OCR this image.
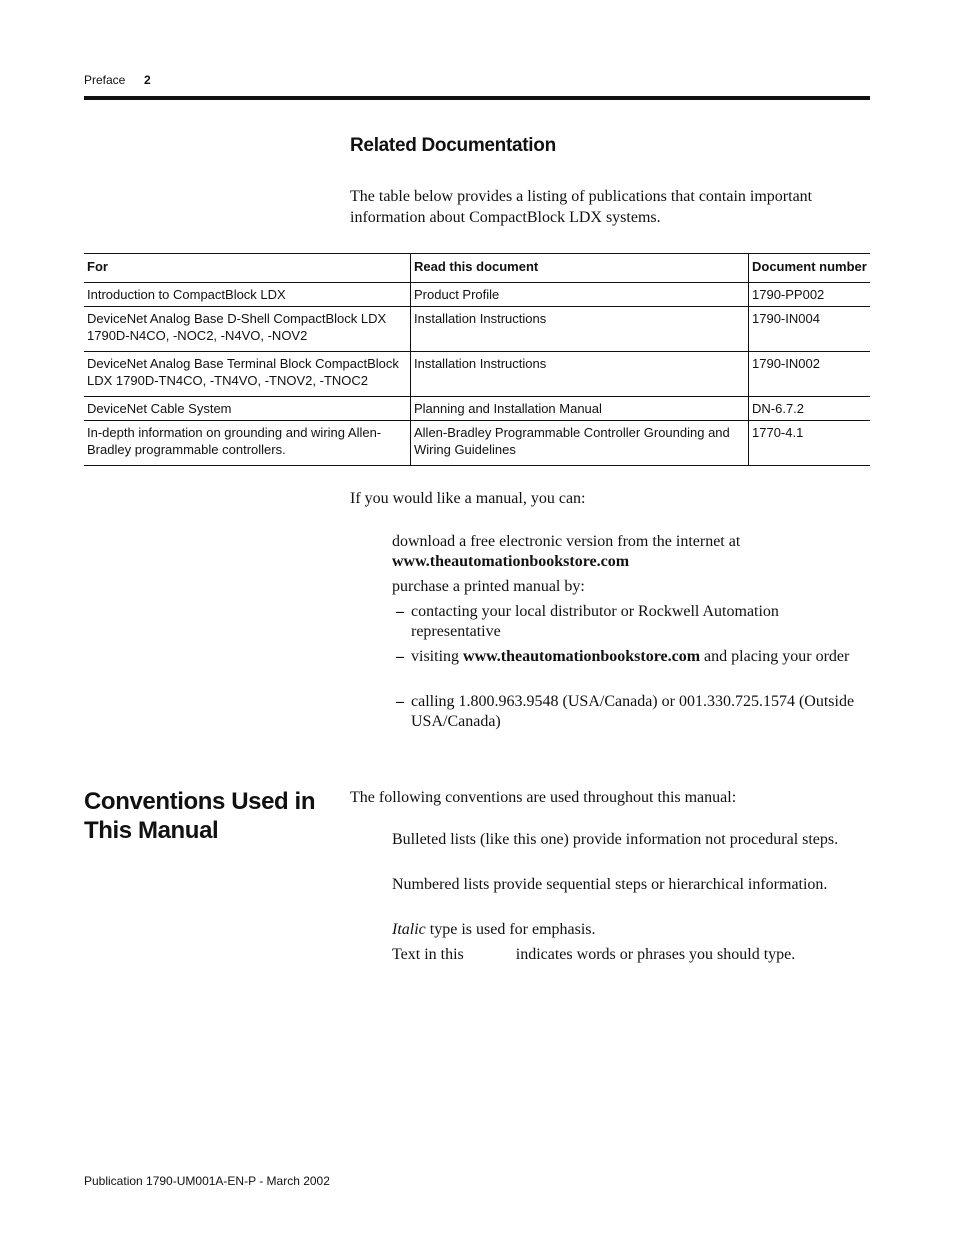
Preface 2
Related Documentation
The table below provides a listing of publications that contain important information about CompactBlock LDX systems.
For	Read this document	Document number
Introduction to CompactBlock LDX	Product Profile	1790-PP002
DeviceNet Analog Base D-Shell CompactBlock LDX 1790D-N4CO, -NOC2, -N4VO, -NOV2	Installation Instructions	1790-IN004
DeviceNet Analog Base Terminal Block CompactBlock LDX 1790D-TN4CO, -TN4VO, -TNOV2, -TNOC2	Installation Instructions	1790-IN002
DeviceNet Cable System	Planning and Installation Manual	DN-6.7.2
In-depth information on grounding and wiring Allen-Bradley programmable controllers.	Allen-Bradley Programmable Controller Grounding and Wiring Guidelines	1770-4.1
If you would like a manual, you can:
download a free electronic version from the internet at
www.theautomationbookstore.com
purchase a printed manual by:
– contacting your local distributor or Rockwell Automation representative
– visiting www.theautomationbookstore.com and placing your order
– calling 1.800.963.9548 (USA/Canada) or 001.330.725.1574 (Outside USA/Canada)
Conventions Used in This Manual
The following conventions are used throughout this manual:
Bulleted lists (like this one) provide information not procedural steps.
Numbered lists provide sequential steps or hierarchical information.
Italic type is used for emphasis.
Text in this	indicates words or phrases you should type.
Publication 1790-UM001A-EN-P - March 2002
